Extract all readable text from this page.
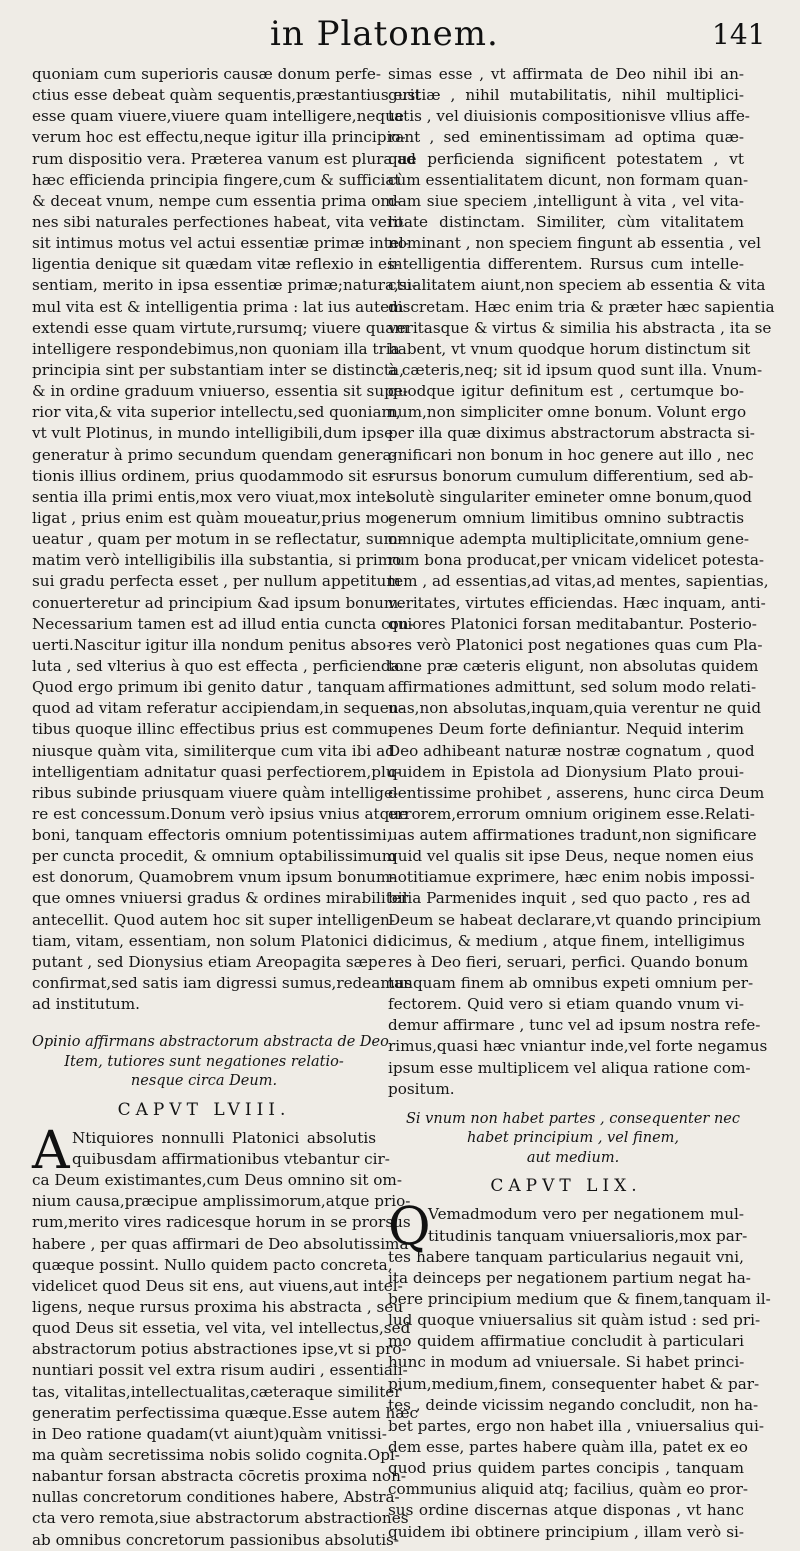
in Platonem.	141
quoniam cum superioris causæ donum perfe-
ctius esse debeat quàm sequentis,præstantius erit
esse quam viuere,viuere quam intelligere,neque
verum hoc est effectu,neque igitur illa principio-
rum dispositio vera. Præterea vanum est plura ad
hæc efficienda principia fingere,cum & sufficiat
& deceat vnum, nempe cum essentia prima om-
nes sibi naturales perfectiones habeat, vita vero
sit intimus motus vel actui essentiæ primæ intel-
ligentia denique sit quædam vitæ reflexio in es-
sentiam, merito in ipsa essentiæ primæ;natura,si-
mul vita est & intelligentia prima : lat ius autem
extendi esse quam virtute,rursumq; viuere quam
intelligere respondebimus,non quoniam illa tria
principia sint per substantiam inter se distincta,
& in ordine graduum vniuerso, essentia sit supe-
rior vita,& vita superior intellectu,sed quoniam,
vt vult Plotinus, in mundo intelligibili,dum ipse
generatur à primo secundum quendam genera-
tionis illius ordinem, prius quodammodo sit es-
sentia illa primi entis,mox vero viuat,mox intel-
ligat , prius enim est quàm moueatur,prius mo-
ueatur , quam per motum in se reflectatur, sum-
matim verò intelligibilis illa substantia, si primo
sui gradu perfecta esset , per nullum appetitum
conuerteretur ad principium &ad ipsum bonum.
Necessarium tamen est ad illud entia cuncta con-
uerti.Nascitur igitur illa nondum penitus abso-
luta , sed vlterius à quo est effecta , perficienda.
Quod ergo primum ibi genito datur , tanquam
quod ad vitam referatur accipiendam,in sequen-
tibus quoque illinc effectibus prius est commu-
niusque quàm vita, similiterque cum vita ibi ad
intelligentiam adnitatur quasi perfectiorem,plu-
ribus subinde priusquam viuere quàm intellige-
re est concessum.Donum verò ipsius vnius atque
boni, tanquam effectoris omnium potentissimi,
per cuncta procedit, & omnium optabilissimum
est donorum, Quamobrem vnum ipsum bonum-
que omnes vniuersi gradus & ordines mirabiliter
antecellit. Quod autem hoc sit super intelligen-
tiam, vitam, essentiam, non solum Platonici di-
putant , sed Dionysius etiam Areopagita sæpe
confirmat,sed satis iam digressi sumus,redeamus
ad institutum.
Opinio affirmans abstractorum abstracta de Deo.
Item, tutiores sunt negationes relatio-
nesque circa Deum.
CAPVT LVIII.
A Ntiquiores nonnulli Platonici absolutis
quibusdam affirmationibus vtebantur cir-
ca Deum existimantes,cum Deus omnino sit om-
nium causa,præcipue amplissimorum,atque prio-
rum,merito vires radicesque horum in se prorsus
habere , per quas affirmari de Deo absolutissima
quæque possint. Nullo quidem pacto concreta,
videlicet quod Deus sit ens, aut viuens,aut intel-
ligens, neque rursus proxima his abstracta , seu
quod Deus sit essetia, vel vita, vel intellectus,sed
abstractorum potius abstractiones ipse,vt si pro-
nuntiari possit vel extra risum audiri , essentiali-
tas, vitalitas,intellectualitas,cæteraque similiter
generatim perfectissima quæque.Esse autem hæc
in Deo ratione quadam(vt aiunt)quàm vnitissi-
ma quàm secretissima nobis solido cognita.Opi-
nabantur forsan abstracta cōcretis proxima non-
nullas concretorum conditiones habere, Abstra-
cta vero remota,siue abstractorum abstractiones
ab omnibus concretorum passionibus absolutis-
simas esse , vt affirmata de Deo nihil ibi an-
gustiæ , nihil mutabilitatis, nihil multiplici-
tatis , vel diuisionis compositionisve vllius affe-
rant , sed eminentissimam ad optima quæ-
que perficienda significent potestatem , vt
cùm essentialitatem dicunt, non formam quan-
dam siue speciem ,intelligunt à vita , vel vita-
litate distinctam. Similiter, cùm vitalitatem
nominant , non speciem fingunt ab essentia , vel
intelligentia differentem. Rursus cum intelle-
ctualitatem aiunt,non speciem ab essentia & vita
discretam. Hæc enim tria & præter hæc sapientia
veritasque & virtus & similia his abstracta , ita se
habent, vt vnum quodque horum distinctum sit
à cæteris,neq; sit id ipsum quod sunt illa. Vnum-
quodque igitur definitum est , certumque bo-
num,non simpliciter omne bonum. Volunt ergo
per illa quæ diximus abstractorum abstracta si-
gnificari non bonum in hoc genere aut illo , nec
rursus bonorum cumulum differentium, sed ab-
solutè singulariter emineter omne bonum,quod
generum omnium limitibus omnino subtractis
omnique adempta multiplicitate,omnium gene-
rum bona producat,per vnicam videlicet potesta-
tem , ad essentias,ad vitas,ad mentes, sapientias,
veritates, virtutes efficiendas. Hæc inquam, anti-
quiores Platonici forsan meditabantur. Posterio-
res verò Platonici post negationes quas cum Pla-
tone præ cæteris eligunt, non absolutas quidem
affirmationes admittunt, sed solum modo relati-
uas,non absolutas,inquam,quia verentur ne quid
penes Deum forte definiantur. Nequid interim
Deo adhibeant naturæ nostræ cognatum , quod
quidem in Epistola ad Dionysium Plato proui-
dentissime prohibet , asserens, hunc circa Deum
errorem,errorum omnium originem esse.Relati-
uas autem affirmationes tradunt,non significare
quid vel qualis sit ipse Deus, neque nomen eius
notitiamue exprimere, hæc enim nobis impossi-
bilia Parmenides inquit , sed quo pacto , res ad
Deum se habeat declarare,vt quando principium
dicimus, & medium , atque finem, intelligimus
res à Deo fieri, seruari, perfici. Quando bonum
tanquam finem ab omnibus expeti omnium per-
fectorem. Quid vero si etiam quando vnum vi-
demur affirmare , tunc vel ad ipsum nostra refe-
rimus,quasi hæc vniantur inde,vel forte negamus
ipsum esse multiplicem vel aliqua ratione com-
positum.
Si vnum non habet partes , consequenter nec
habet principium , vel finem,
aut medium.
CAPVT LIX.
Q
Vemadmodum vero per negationem mul-
titudinis tanquam vniuersalioris,mox par-
tes habere tanquam particularius negauit vni,
ita deinceps per negationem partium negat ha-
bere principium medium que & finem,tanquam il-
lud quoque vniuersalius sit quàm istud : sed pri-
mo quidem affirmatiue concludit à particulari
hunc in modum ad vniuersale. Si habet princi-
pium,medium,finem, consequenter habet & par-
tes , deinde vicissim negando concludit, non ha-
bet partes, ergo non habet illa , vniuersalius qui-
dem esse, partes habere quàm illa, patet ex eo
quod prius quidem partes concipis , tanquam
communius aliquid atq; facilius, quàm eo pror-
sus ordine discernas atque disponas , vt hanc
quidem ibi obtinere principium , illam verò si-
